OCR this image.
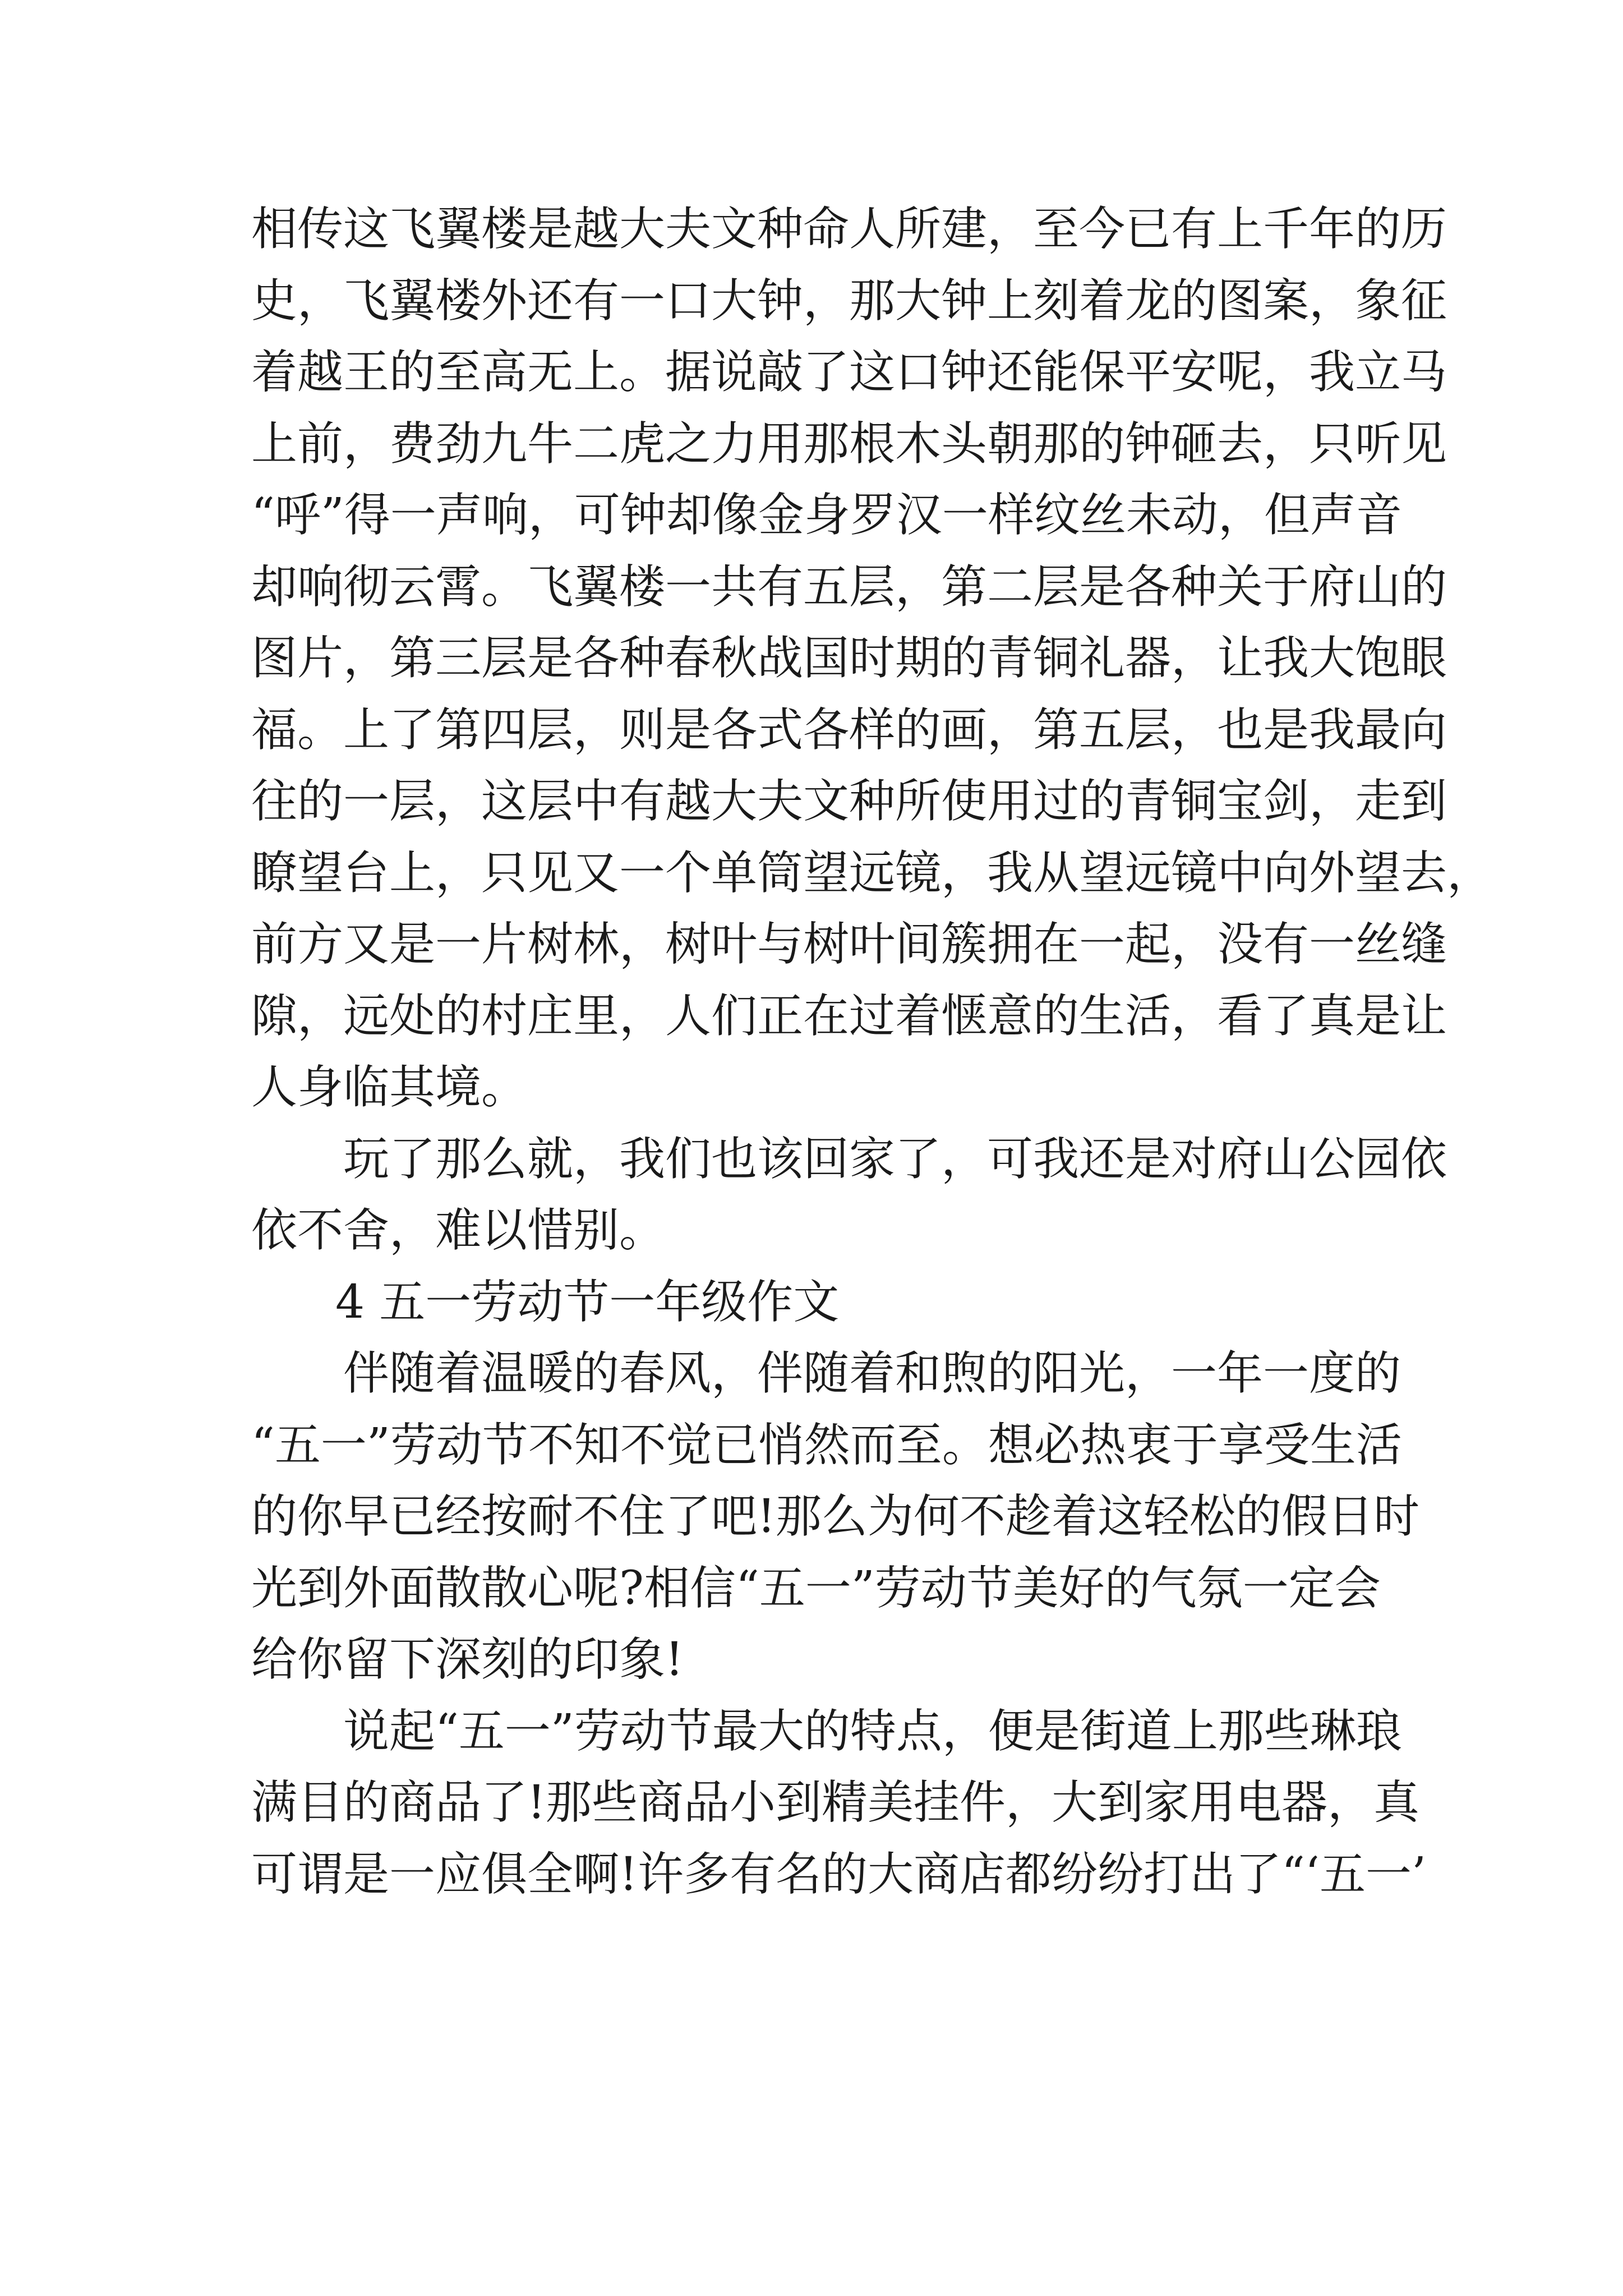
相传这飞翼楼是越大夫文种命人所建，至今已有上千年的历
史，飞翼楼外还有一口大钟，那大钟上刻着龙的图案，象征
着越王的至高无上。据说敲了这口钟还能保平安呢，我立马
上前，费劲九牛二虎之力用那根木头朝那的钟砸去，只听见
“呼”得一声响，可钟却像金身罗汉一样纹丝未动，但声音
却响彻云霄。飞翼楼一共有五层，第二层是各种关于府山的
图片，第三层是各种春秋战国时期的青铜礼器，让我大饱眼
福。上了第四层，则是各式各样的画，第五层，也是我最向
往的一层，这层中有越大夫文种所使用过的青铜宝剑，走到
瞭望台上，只见又一个单筒望远镜，我从望远镜中向外望去，
前方又是一片树林，树叶与树叶间簇拥在一起，没有一丝缝
隙，远处的村庄里，人们正在过着惬意的生活，看了真是让
人身临其境。
玩了那么就，我们也该回家了，可我还是对府山公园依
依不舍，难以惜别。
4 五一劳动节一年级作文
伴随着温暖的春风，伴随着和煦的阳光，一年一度的
“五一”劳动节不知不觉已悄然而至。想必热衷于享受生活
的你早已经按耐不住了吧!那么为何不趁着这轻松的假日时
光到外面散散心呢?相信“五一”劳动节美好的气氛一定会
给你留下深刻的印象!
说起“五一”劳动节最大的特点，便是街道上那些琳琅
满目的商品了!那些商品小到精美挂件，大到家用电器，真
可谓是一应俱全啊!许多有名的大商店都纷纷打出了“‘五一’
